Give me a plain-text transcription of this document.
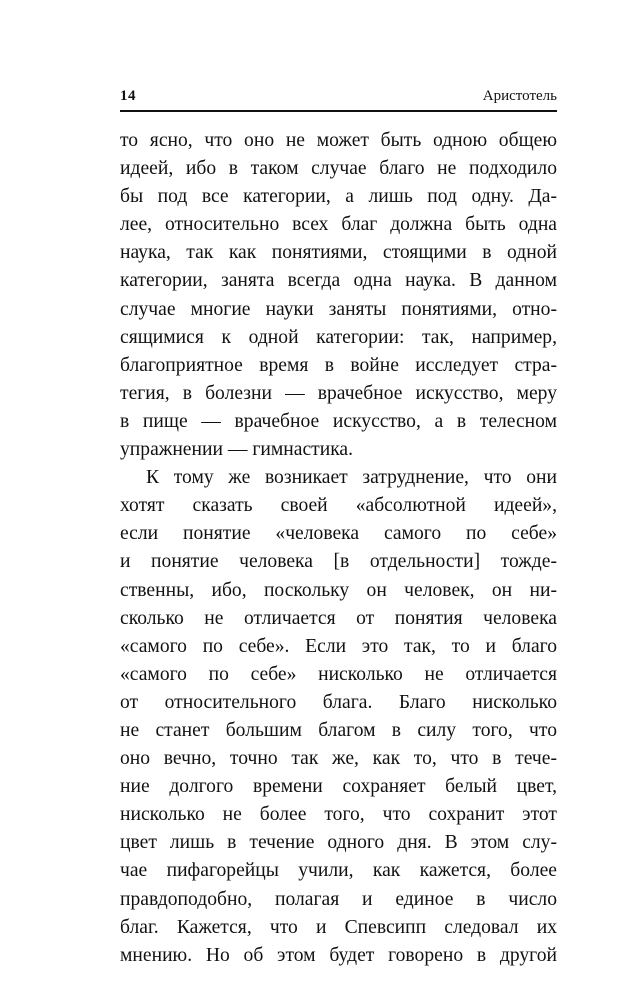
14	Аристотель
то ясно, что оно не может быть одною общею
идеей, ибо в таком случае благо не подходило
бы под все категории, а лишь под одну. Да-
лее, относительно всех благ должна быть одна
наука, так как понятиями, стоящими в одной
категории, занята всегда одна наука. В данном
случае многие науки заняты понятиями, отно-
сящимися к одной категории: так, например,
благоприятное время в войне исследует стра-
тегия, в болезни — врачебное искусство, меру
в пище — врачебное искусство, а в телесном
упражнении — гимнастика.
К тому же возникает затруднение, что они
хотят сказать своей «абсолютной идеей»,
если понятие «человека самого по себе»
и понятие человека [в отдельности] тожде-
ственны, ибо, поскольку он человек, он ни-
сколько не отличается от понятия человека
«самого по себе». Если это так, то и благо
«самого по себе» нисколько не отличается
от относительного блага. Благо нисколько
не станет большим благом в силу того, что
оно вечно, точно так же, как то, что в тече-
ние долгого времени сохраняет белый цвет,
нисколько не более того, что сохранит этот
цвет лишь в течение одного дня. В этом слу-
чае пифагорейцы учили, как кажется, более
правдоподобно, полагая и единое в число
благ. Кажется, что и Спевсипп следовал их
мнению. Но об этом будет говорено в другой
